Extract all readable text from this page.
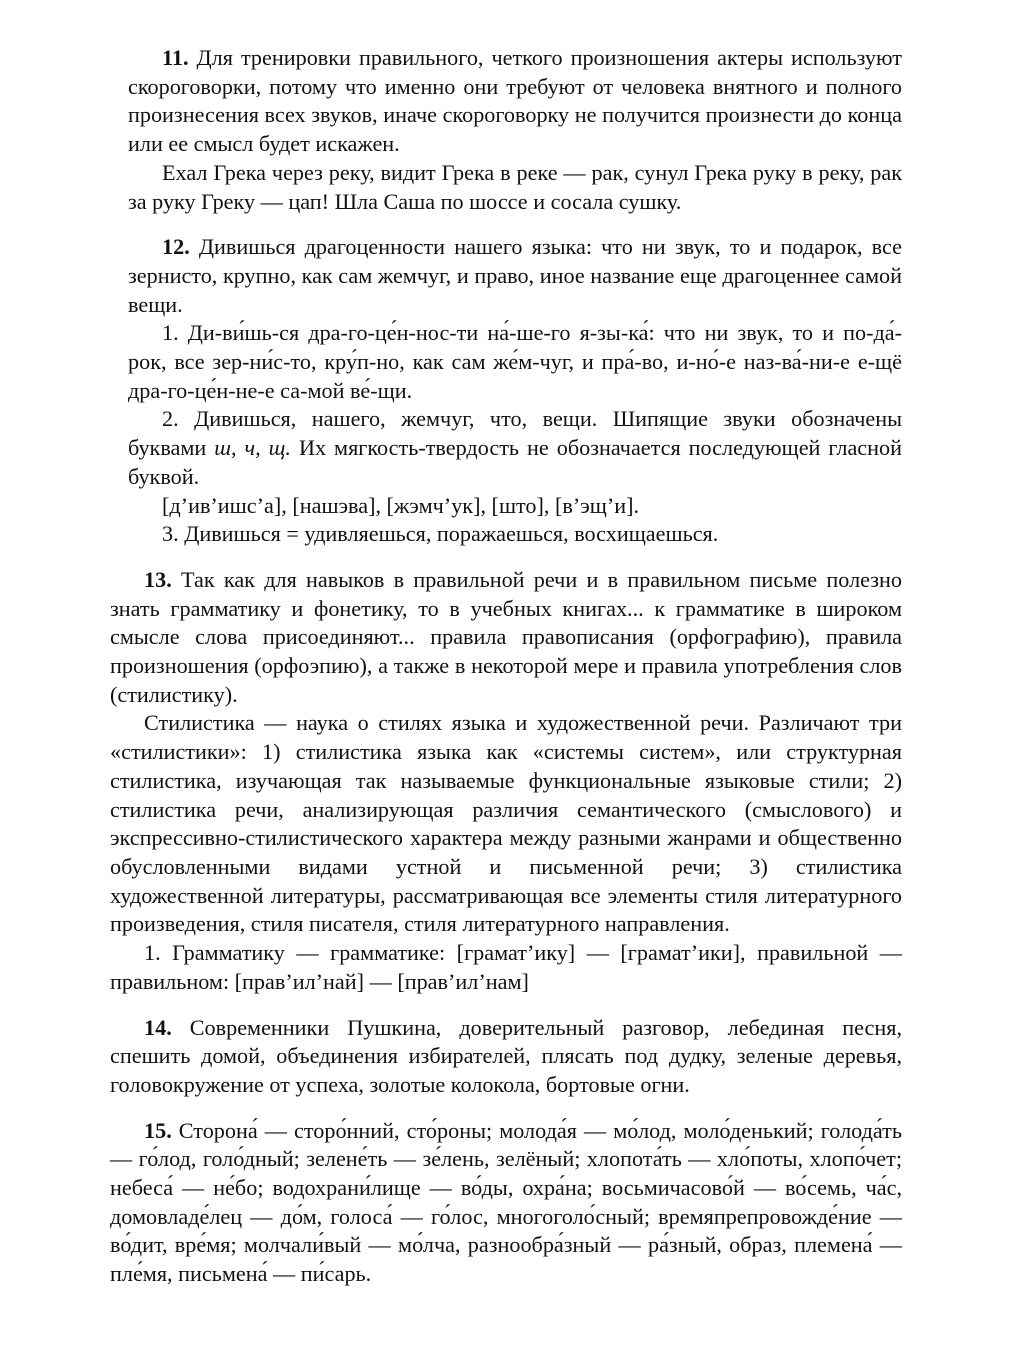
11. Для тренировки правильного, четкого произношения актеры используют скороговорки, потому что именно они требуют от человека внятного и полного произнесения всех звуков, иначе скороговорку не получится произнести до конца или ее смысл будет искажен.

Ехал Грека через реку, видит Грека в реке — рак, сунул Грека руку в реку, рак за руку Греку — цап! Шла Саша по шоссе и сосала сушку.

12. Дивишься драгоценности нашего языка: что ни звук, то и подарок, все зернисто, крупно, как сам жемчуг, и право, иное название еще драгоценнее самой вещи.

1. Ди-ви́шь-ся дра-го-це́н-нос-ти на́-ше-го я-зы-ка́: что ни звук, то и по-да́-рок, все зер-ни́с-то, кру́п-но, как сам же́м-чуг, и пра́-во, и-но́-е наз-ва́-ни-е е-щё дра-го-це́н-не-е са-мой ве́-щи.

2. Дивишься, нашего, жемчуг, что, вещи. Шипящие звуки обозначены буквами ш, ч, щ. Их мягкость-твердость не обозначается последующей гласной буквой.

[д’ив’ишс’а], [нашэва], [жэмч’ук], [што], [в’эщ’и].

3. Дивишься = удивляешься, поражаешься, восхищаешься.

13. Так как для навыков в правильной речи и в правильном письме полезно знать грамматику и фонетику, то в учебных книгах... к грамматике в широком смысле слова присоединяют... правила правописания (орфографию), правила произношения (орфоэпию), а также в некоторой мере и правила употребления слов (стилистику).

Стилистика — наука о стилях языка и художественной речи. Различают три «стилистики»: 1) стилистика языка как «системы систем», или структурная стилистика, изучающая так называемые функциональные языковые стили; 2) стилистика речи, анализирующая различия семантического (смыслового) и экспрессивно-стилистического характера между разными жанрами и общественно обусловленными видами устной и письменной речи; 3) стилистика художественной литературы, рассматривающая все элементы стиля литературного произведения, стиля писателя, стиля литературного направления.

1. Грамматику — грамматике: [грамат’ику] — [грамат’ики], правильной — правильном: [прав’ил’най] — [прав’ил’нам]

14. Современники Пушкина, доверительный разговор, лебединая песня, спешить домой, объединения избирателей, плясать под дудку, зеленые деревья, головокружение от успеха, золотые колокола, бортовые огни.

15. Сторона́ — сторо́нний, сто́роны; молода́я — мо́лод, моло́денький; голода́ть — го́лод, голо́дный; зелене́ть — зе́лень, зелёный; хлопота́ть — хло́поты, хлопо́чет; небеса́ — не́бо; водохрани́лище — во́ды, охра́на; восьмичасово́й — во́семь, ча́с, домовладе́лец — до́м, голоса́ — го́лос, многоголо́сный; времяпрепровожде́ние — во́дит, вре́мя; молчали́вый — мо́лча, разнообра́зный — ра́зный, образ, племена́ — пле́мя, письмена́ — пи́сарь.
